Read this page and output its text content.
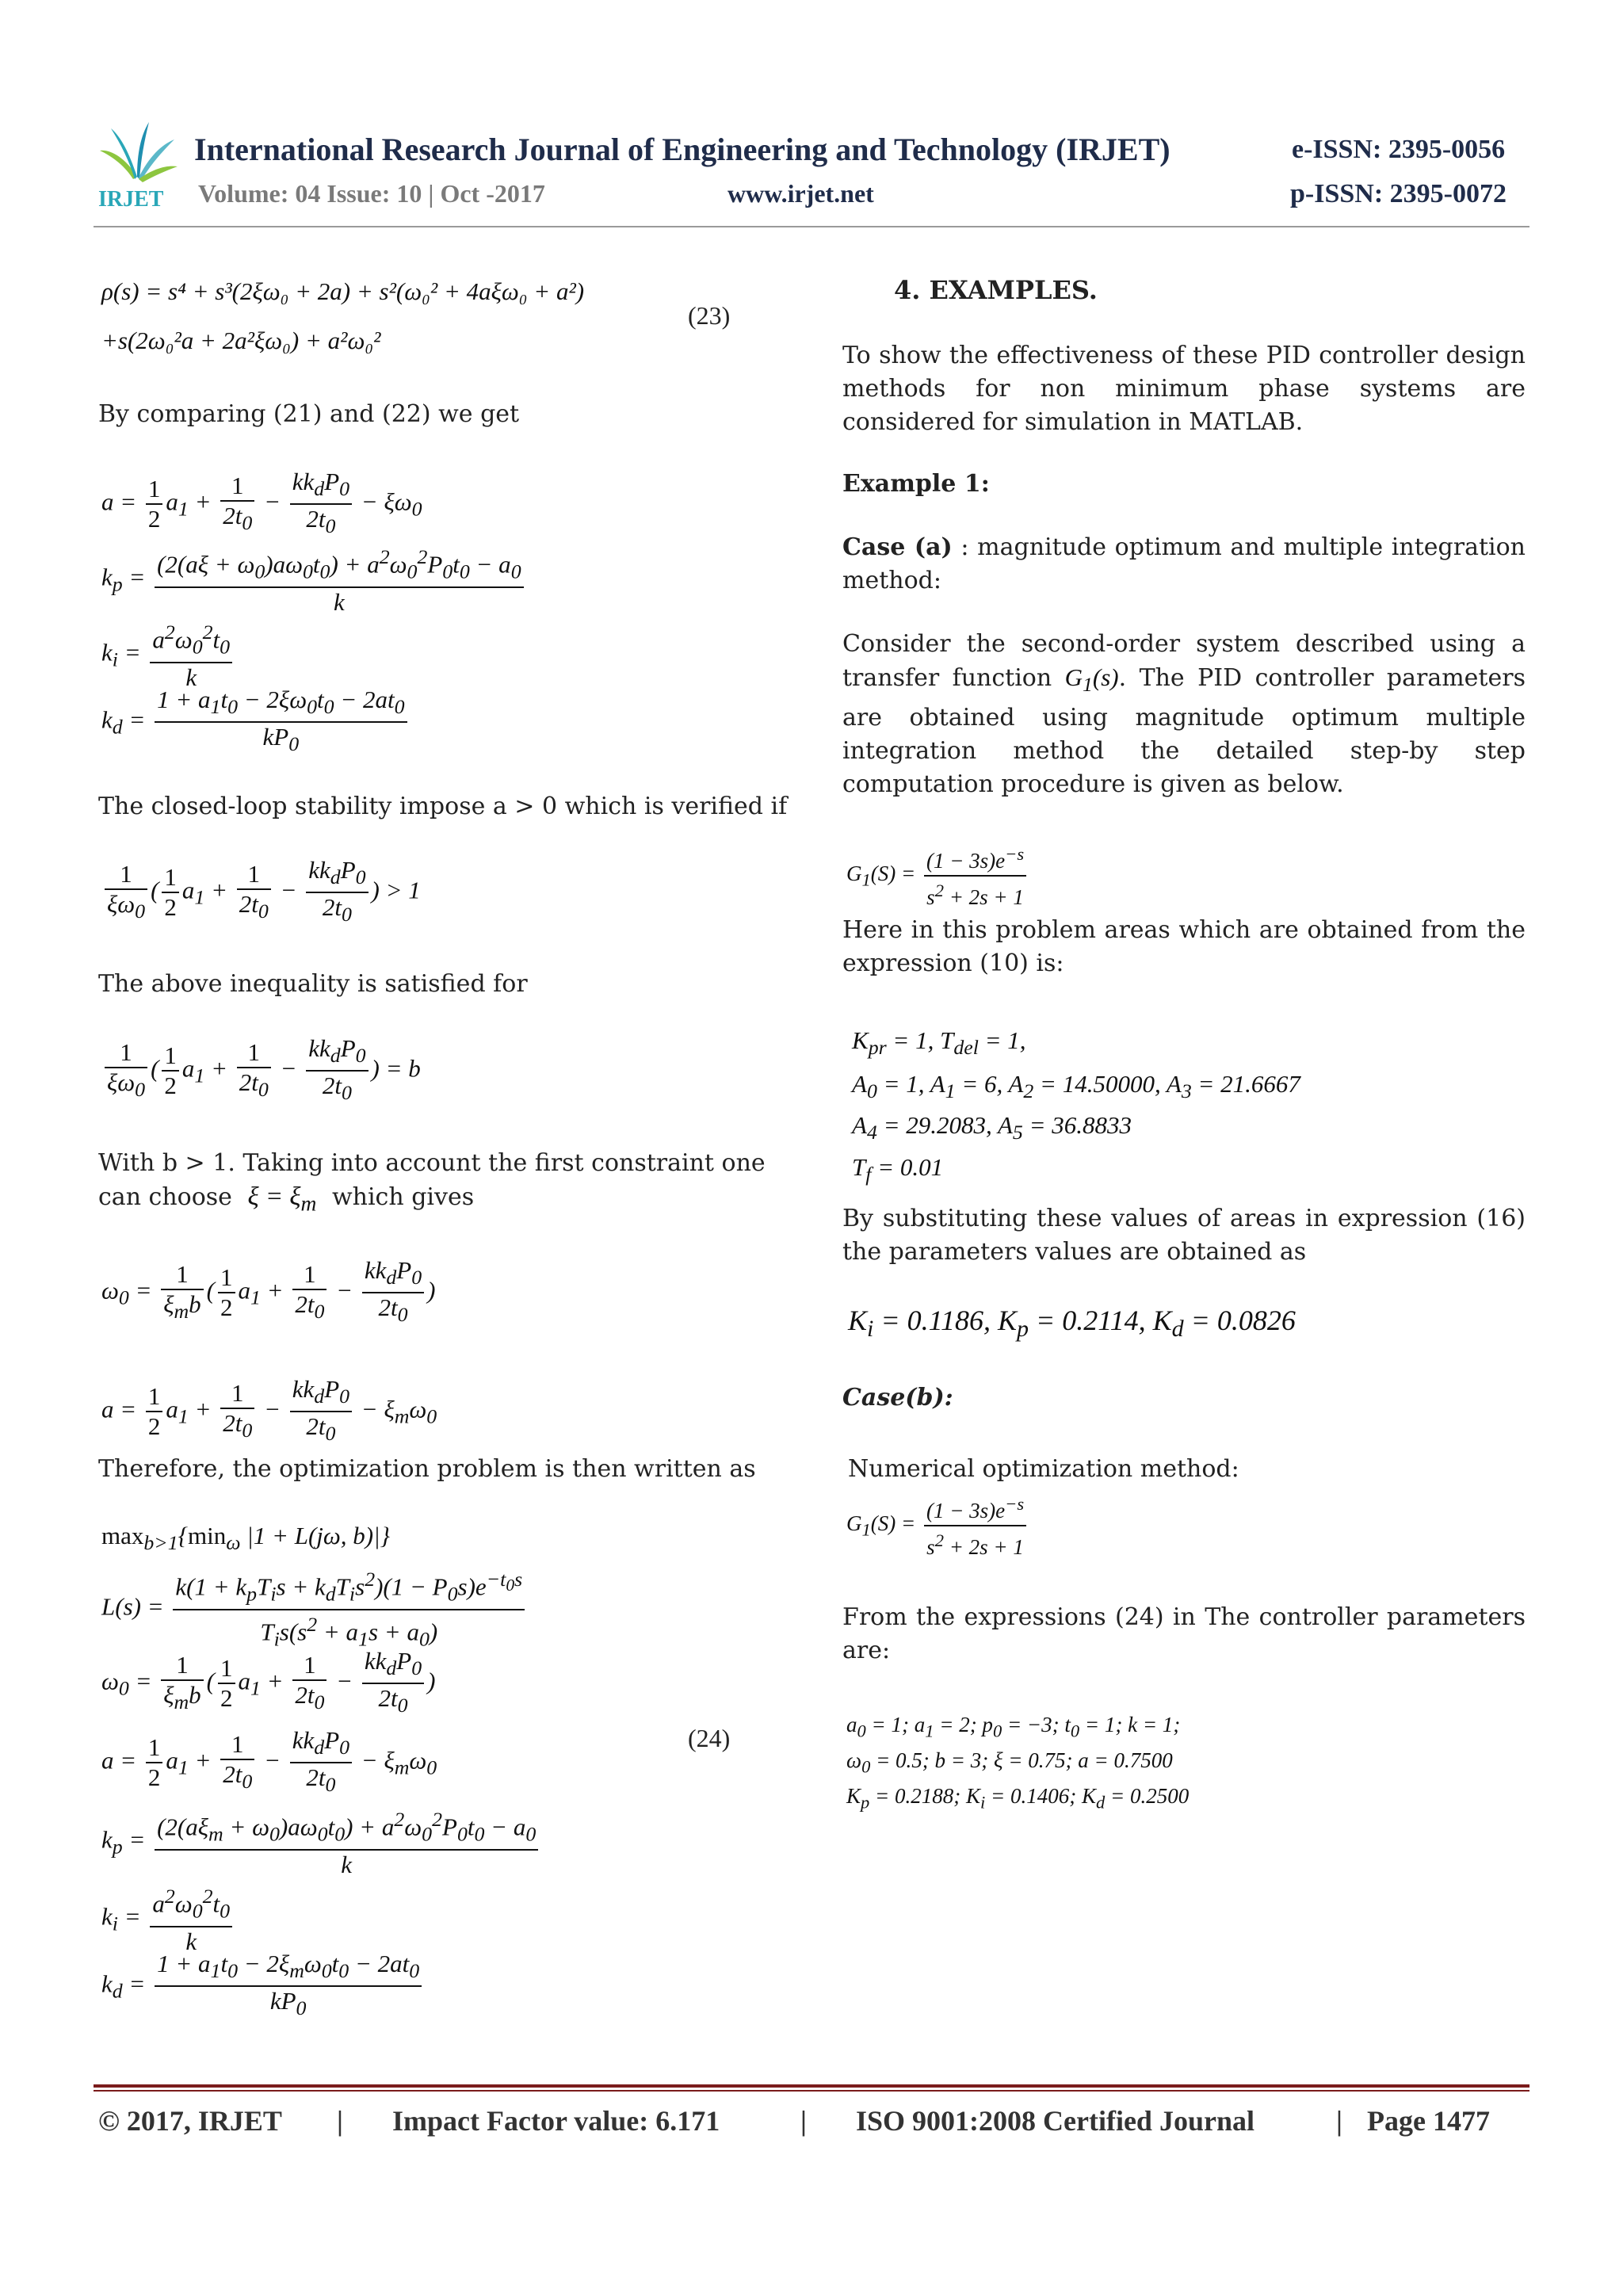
IRJET
International Research Journal of Engineering and Technology (IRJET)	e-ISSN: 2395-0056
Volume: 04 Issue: 10 | Oct -2017	www.irjet.net	p-ISSN: 2395-0072
ρ(s) = s⁴ + s³(2ξω₀ + 2a) + s²(ω₀² + 4aξω₀ + a²)
+s(2ω₀²a + 2a²ξω₀) + a²ω₀²
(23)
By comparing (21) and (22) we get
$a = \frac{1}{2} a_1 + \frac{1}{2t_0} - \frac{kk_dP_0}{2t_0} - \xi\omega_0$
$k_p = \frac{(2(a\xi + \omega_0)a\omega_0t_0) + a^2\omega_0^2P_0t_0 - a_0}{k}$
$k_i = \frac{a^2\omega_0^2t_0}{k}$
$k_d = \frac{1 + a_1t_0 - 2\xi\omega_0t_0 - 2at_0}{kP_0}$
The closed-loop stability impose a > 0 which is verified if
$\frac{1}{\xi\omega_0}$ ( $\frac{1}{2} a_1 + \frac{1}{2t_0} - \frac{kk_dP_0}{2t_0}$ ) > 1
The above inequality is satisfied for
$\frac{1}{\xi\omega_0}$ ( $\frac{1}{2} a_1 + \frac{1}{2t_0} - \frac{kk_dP_0}{2t_0}$ ) = b
With b > 1. Taking into account the first constraint one can choose $\xi = \xi_m$ which gives
$\omega_0 = \frac{1}{\xi_mb}$ ( $\frac{1}{2} a_1 + \frac{1}{2t_0} - \frac{kk_dP_0}{2t_0}$ )
$a = \frac{1}{2} a_1 + \frac{1}{2t_0} - \frac{kk_dP_0}{2t_0} - \xi_m\omega_0$
Therefore, the optimization problem is then written as
$\max_{b>1}\{\min_\omega$ |1 + L(jω, b)|}
$L(s) = \frac{k(1 + k_pT_is + k_dT_is^2)(1 - P_0s)e^{-t_0s}}{T_is(s^2 + a_1s + a_0)}$
$\omega_0 = \frac{1}{\xi_mb}$ ( $\frac{1}{2} a_1 + \frac{1}{2t_0} - \frac{kk_dP_0}{2t_0}$ )
$a = \frac{1}{2} a_1 + \frac{1}{2t_0} - \frac{kk_dP_0}{2t_0} - \xi_m\omega_0$
(24)
$k_p = \frac{(2(a\xi_m + \omega_0)a\omega_0t_0) + a^2\omega_0^2P_0t_0 - a_0}{k}$
$k_i = \frac{a^2\omega_0^2t_0}{k}$
$k_d = \frac{1 + a_1t_0 - 2\xi_m\omega_0t_0 - 2at_0}{kP_0}$
4. EXAMPLES.
To show the effectiveness of these PID controller design methods for non minimum phase systems are considered for simulation in MATLAB.
Example 1:
Case (a) : magnitude optimum and multiple integration method:
Consider the second-order system described using a transfer function $G_1(s)$. The PID controller parameters are obtained using magnitude optimum multiple integration method the detailed step-by step computation procedure is given as below.
$G_1(S) = \frac{(1 - 3s)e^{-s}}{s^2 + 2s + 1}$
Here in this problem areas which are obtained from the expression (10) is:
$K_{pr} = 1$, $T_{del} = 1$,
$A_0 = 1$, $A_1 = 6$, $A_2 = 14.50000$, $A_3 = 21.6667$
$A_4 = 29.2083$, $A_5 = 36.8833$
$T_f = 0.01$
By substituting these values of areas in expression (16) the parameters values are obtained as
$K_i = 0.1186$, $K_p = 0.2114$, $K_d = 0.0826$
Case(b):
Numerical optimization method:
$G_1(S) = \frac{(1 - 3s)e^{-s}}{s^2 + 2s + 1}$
From the expressions (24) in The controller parameters are:
$a_0 = 1$; $a_1 = 2$; $p_0 = -3$; $t_0 = 1$; k = 1;
$\omega_0 = 0.5$; b = 3; ξ = 0.75; a = 0.7500
$K_p = 0.2188$; $K_i = 0.1406$; $K_d = 0.2500$
© 2017, IRJET | Impact Factor value: 6.171	| ISO 9001:2008 Certified Journal	| Page 1477
